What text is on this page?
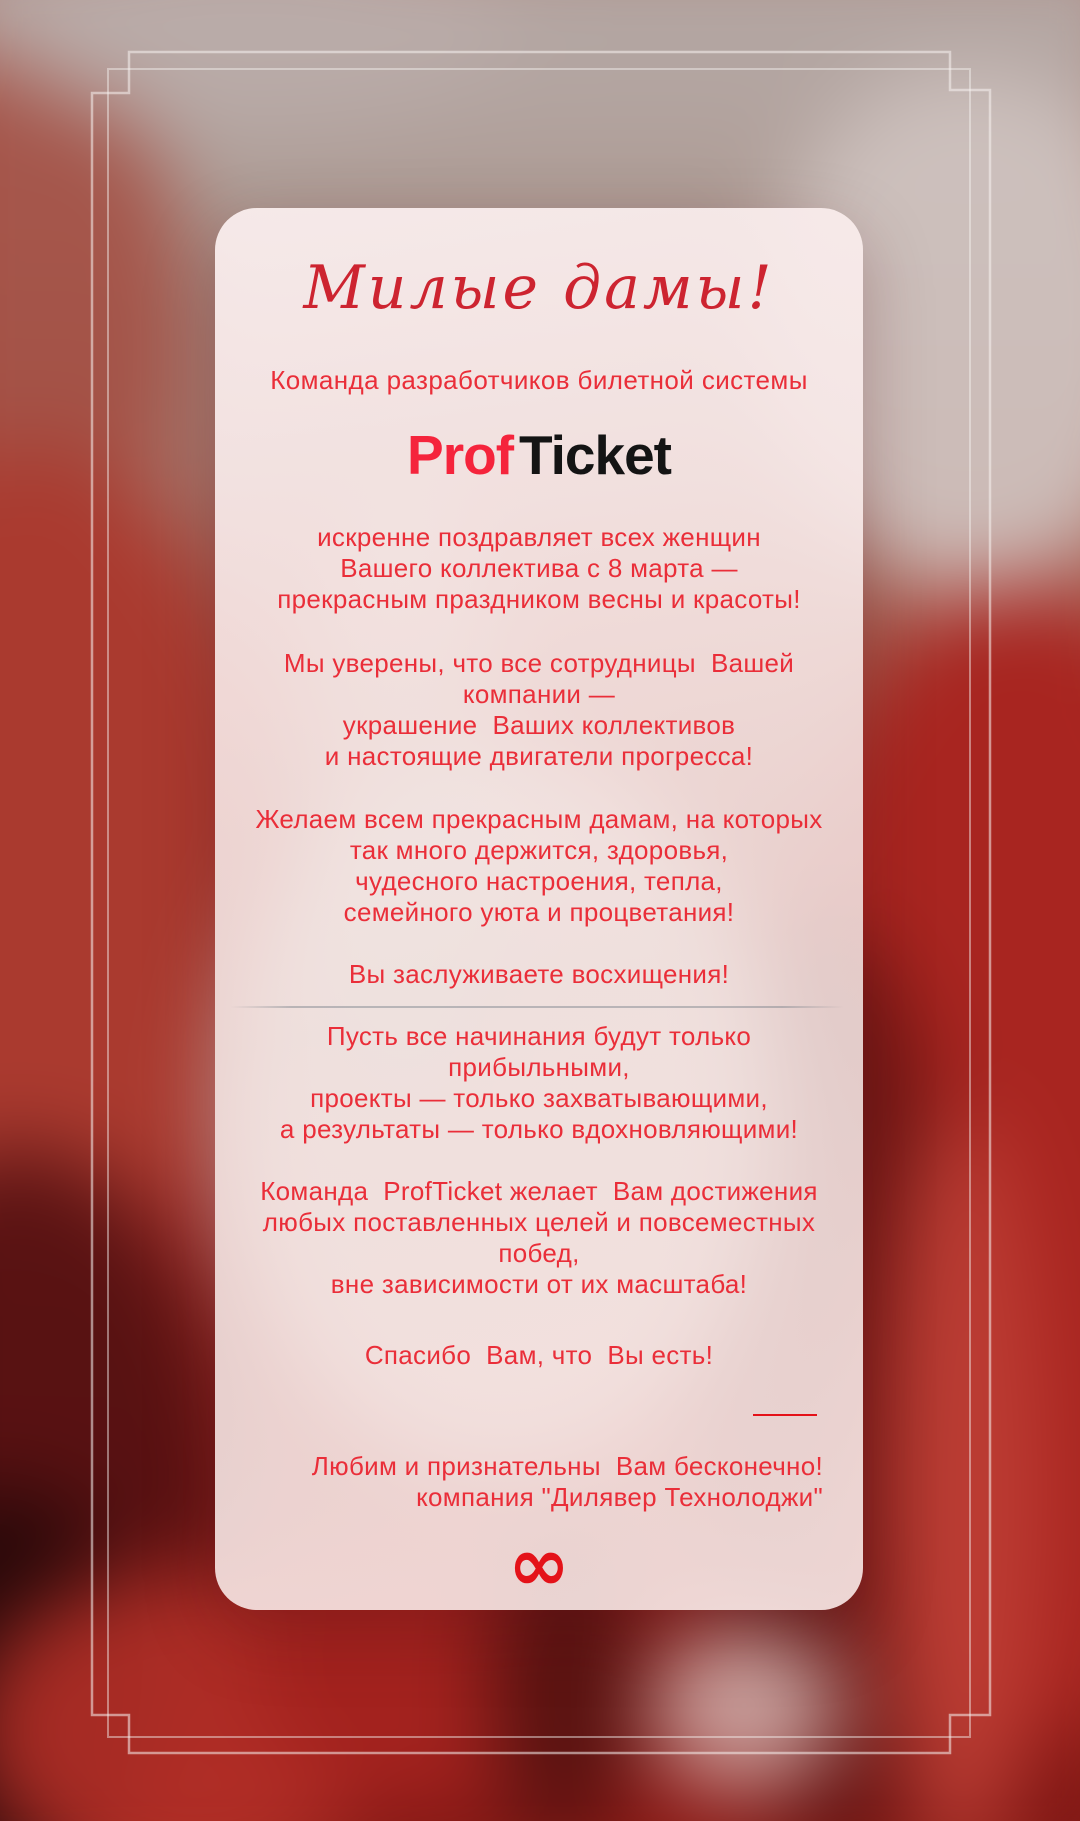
Милые дамы!
Команда разработчиков билетной системы
Prof Ticket
искренне поздравляет всех женщин
Вашего коллектива с 8 марта —
прекрасным праздником весны и красоты!
Мы уверены, что все сотрудницы  Вашей компании —
украшение  Ваших коллективов
и настоящие двигатели прогресса!
Желаем всем прекрасным дамам, на которых
так много держится, здоровья,
чудесного настроения, тепла,
семейного уюта и процветания!
Вы заслуживаете восхищения!
Пусть все начинания будут только прибыльными,
проекты — только захватывающими,
а результаты — только вдохновляющими!
Команда  ProfTicket желает  Вам достижения
любых поставленных целей и повсеместных побед,
вне зависимости от их масштаба!
Спасибо  Вам, что  Вы есть!
Любим и признательны  Вам бесконечно!
компания "Дилявер Технолоджи"
∞
